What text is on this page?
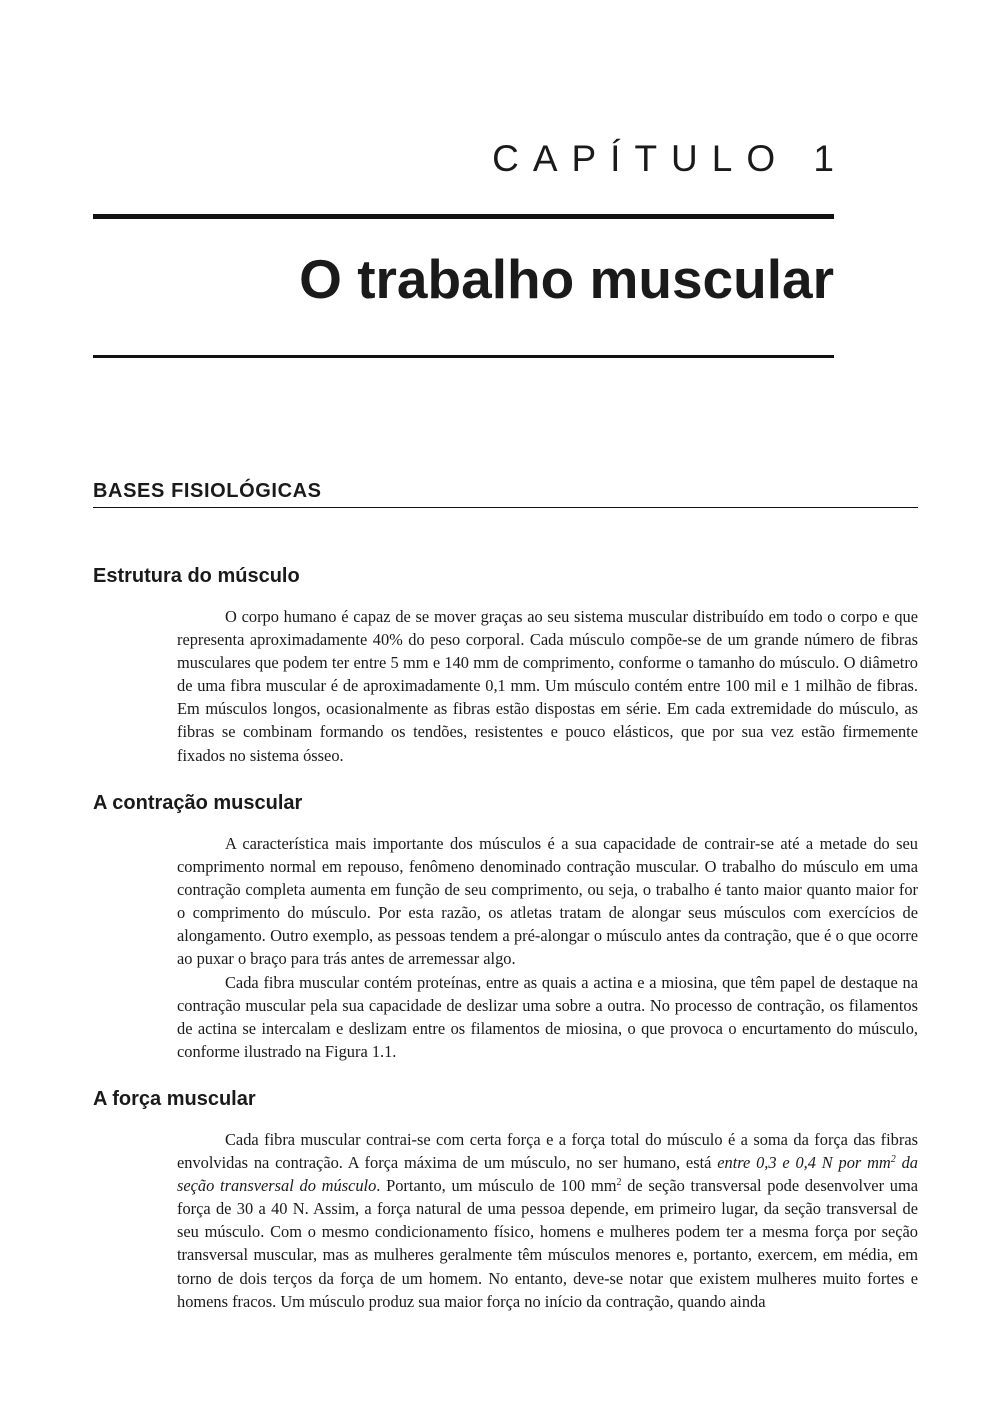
CAPÍTULO 1
O trabalho muscular
BASES FISIOLÓGICAS
Estrutura do músculo

O corpo humano é capaz de se mover graças ao seu sistema muscular distribuído em todo o corpo e que representa aproximadamente 40% do peso corporal. Cada músculo compõe-se de um grande número de fibras musculares que podem ter entre 5 mm e 140 mm de comprimento, conforme o tamanho do músculo. O diâmetro de uma fibra muscular é de aproximadamente 0,1 mm. Um músculo contém entre 100 mil e 1 milhão de fibras. Em músculos longos, ocasionalmente as fibras estão dispostas em série. Em cada extremidade do músculo, as fibras se combinam formando os tendões, resistentes e pouco elásticos, que por sua vez estão firmemente fixados no sistema ósseo.

A contração muscular

A característica mais importante dos músculos é a sua capacidade de contrair-se até a metade do seu comprimento normal em repouso, fenômeno denominado contração muscular. O trabalho do músculo em uma contração completa aumenta em função de seu comprimento, ou seja, o trabalho é tanto maior quanto maior for o comprimento do músculo. Por esta razão, os atletas tratam de alongar seus músculos com exercícios de alongamento. Outro exemplo, as pessoas tendem a pré-alongar o músculo antes da contração, que é o que ocorre ao puxar o braço para trás antes de arremessar algo.

Cada fibra muscular contém proteínas, entre as quais a actina e a miosina, que têm papel de destaque na contração muscular pela sua capacidade de deslizar uma sobre a outra. No processo de contração, os filamentos de actina se intercalam e deslizam entre os filamentos de miosina, o que provoca o encurtamento do músculo, conforme ilustrado na Figura 1.1.

A força muscular

Cada fibra muscular contrai-se com certa força e a força total do músculo é a soma da força das fibras envolvidas na contração. A força máxima de um músculo, no ser humano, está entre 0,3 e 0,4 N por $mm^2$ da seção transversal do músculo. Portanto, um músculo de 100 $mm^2$ de seção transversal pode desenvolver uma força de 30 a 40 N. Assim, a força natural de uma pessoa depende, em primeiro lugar, da seção transversal de seu músculo. Com o mesmo condicionamento físico, homens e mulheres podem ter a mesma força por seção transversal muscular, mas as mulheres geralmente têm músculos menores e, portanto, exercem, em média, em torno de dois terços da força de um homem. No entanto, deve-se notar que existem mulheres muito fortes e homens fracos. Um músculo produz sua maior força no início da contração, quando ainda
